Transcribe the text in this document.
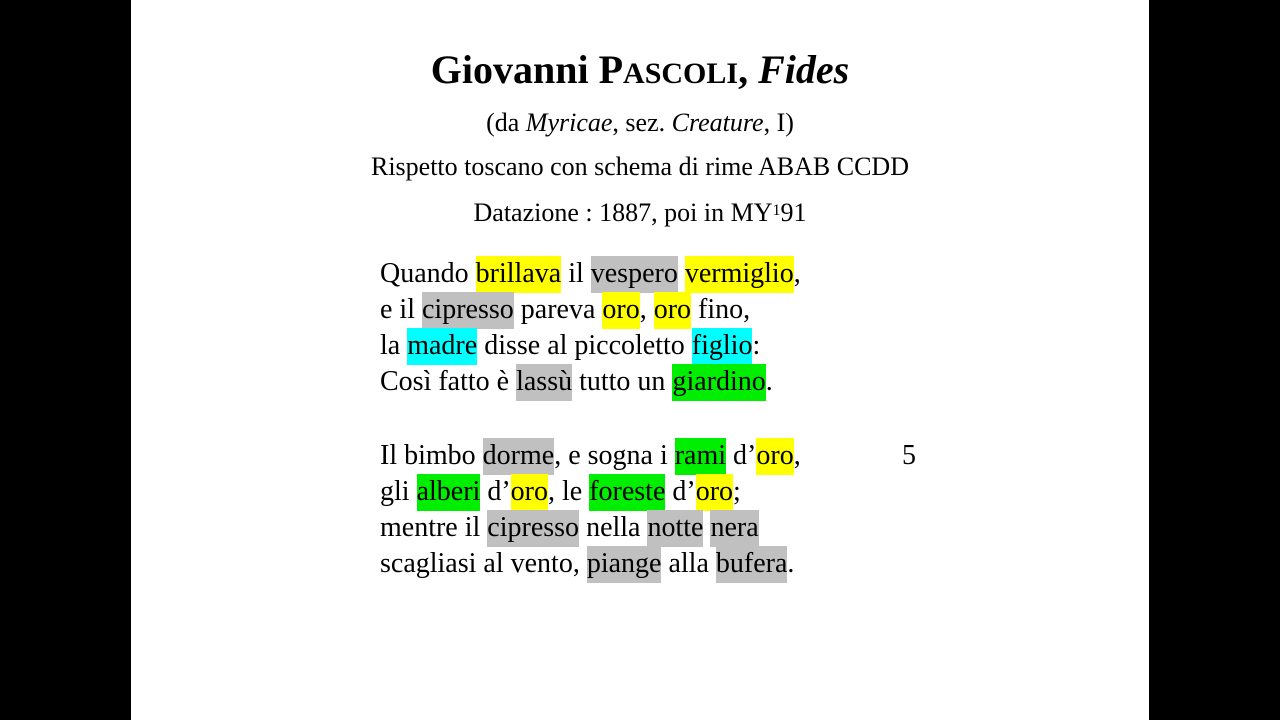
Giovanni PASCOLI, Fides
(da Myricae, sez. Creature, I)
Rispetto toscano con schema di rime ABAB CCDD
Datazione : 1887, poi in $MY^191$
Quando brillava il vespero vermiglio,
e il cipresso pareva oro, oro fino,
la madre disse al piccoletto figlio:
Così fatto è lassù tutto un giardino.
Il bimbo dorme, e sogna i rami d’oro,
gli alberi d’oro, le foreste d’oro;
mentre il cipresso nella notte nera
scagliasi al vento, piange alla bufera.
5
